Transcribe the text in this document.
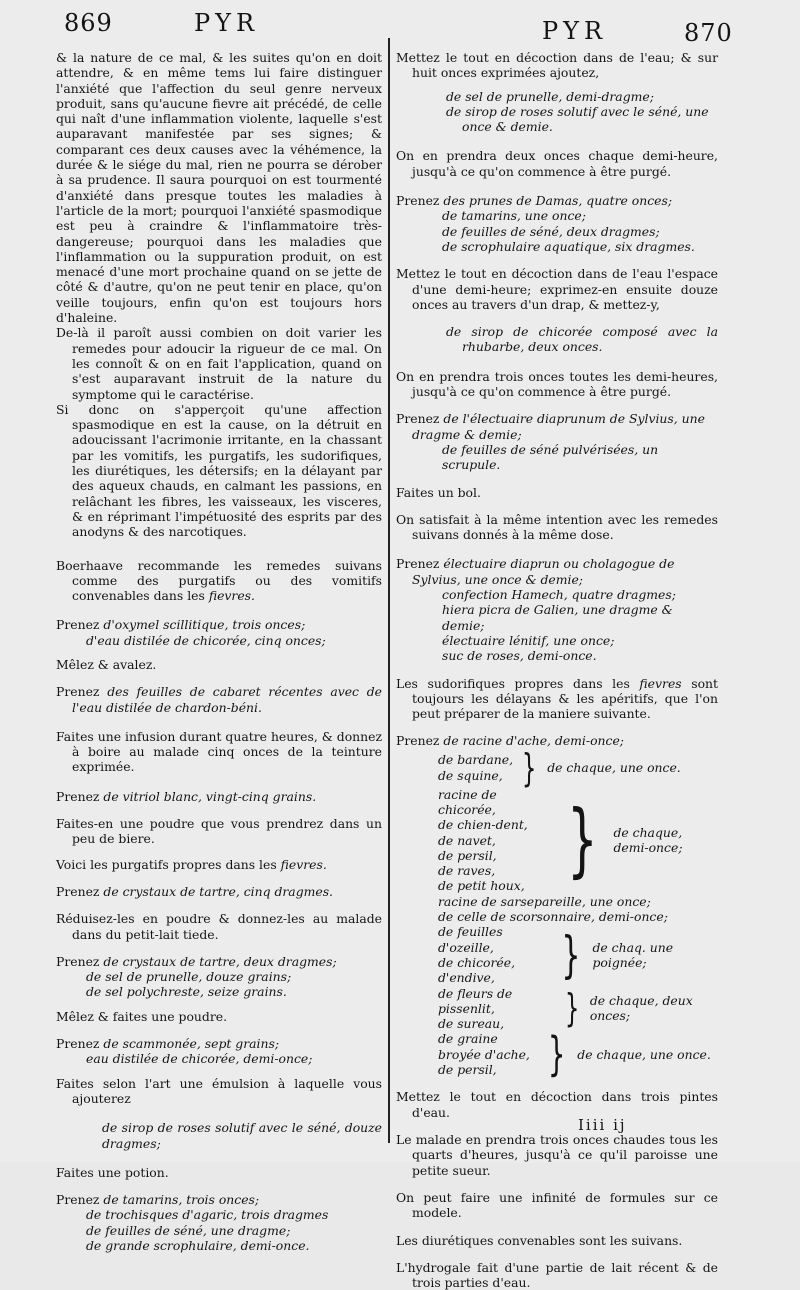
869	PYR	PYR	870

& la nature de ce mal, & les suites qu'on en doit attendre, & en même tems lui faire distinguer l'anxiété que l'affection du seul genre nerveux produit, sans qu'aucune fievre ait précédé, de celle qui naît d'une inflammation violente, laquelle s'est auparavant manifestée par ses signes; & comparant ces deux causes avec la véhémence, la durée & le siége du mal, rien ne pourra se dérober à sa prudence. Il saura pourquoi on est tourmenté d'anxiété dans presque toutes les maladies à l'article de la mort; pourquoi l'anxiété spasmodique est peu à craindre & l'inflammatoire très-dangereuse; pourquoi dans les maladies que l'inflammation ou la suppuration produit, on est menacé d'une mort prochaine quand on se jette de côté & d'autre, qu'on ne peut tenir en place, qu'on veille toujours, enfin qu'on est toujours hors d'haleine.

De-là il paroît aussi combien on doit varier les remedes pour adoucir la rigueur de ce mal. On les connoît & on en fait l'application, quand on s'est auparavant instruit de la nature du symptome qui le caractérise.

Si donc on s'apperçoit qu'une affection spasmodique en est la cause, on la détruit en adoucissant l'acrimonie irritante, en la chassant par les vomitifs, les purgatifs, les sudorifiques, les diurétiques, les détersifs; en la délayant par des aqueux chauds, en calmant les passions, en relâchant les fibres, les vaisseaux, les visceres, & en réprimant l'impétuosité des esprits par des anodyns & des narcotiques.

Boerhaave recommande les remedes suivans comme des purgatifs ou des vomitifs convenables dans les fievres.

Prenez d'oxymel scillitique, trois onces;
d'eau distilée de chicorée, cinq onces;

Mêlez & avalez.

Prenez des feuilles de cabaret récentes avec de l'eau distilée de chardon-béni.

Faites une infusion durant quatre heures, & donnez à boire au malade cinq onces de la teinture exprimée.

Prenez de vitriol blanc, vingt-cinq grains.

Faites-en une poudre que vous prendrez dans un peu de biere.

Voici les purgatifs propres dans les fievres.

Prenez de crystaux de tartre, cinq dragmes.

Réduisez-les en poudre & donnez-les au malade dans du petit-lait tiede.

Prenez de crystaux de tartre, deux dragmes;
de sel de prunelle, douze grains;
de sel polychreste, seize grains.

Mêlez & faites une poudre.

Prenez de scammonée, sept grains;
eau distilée de chicorée, demi-once;

Faites selon l'art une émulsion à laquelle vous ajouterez

de sirop de roses solutif avec le séné, douze dragmes;

Faites une potion.

Prenez de tamarins, trois onces;
de trochisques d'agaric, trois dragmes
de feuilles de séné, une dragme;
de grande scrophulaire, demi-once.

Mettez le tout en décoction dans de l'eau; & sur huit onces exprimées ajoutez,

de sel de prunelle, demi-dragme;
de sirop de roses solutif avec le séné, une once & demie.

On en prendra deux onces chaque demi-heure, jusqu'à ce qu'on commence à être purgé.

Prenez des prunes de Damas, quatre onces;
de tamarins, une once;
de feuilles de séné, deux dragmes;
de scrophulaire aquatique, six dragmes.

Mettez le tout en décoction dans de l'eau l'espace d'une demi-heure; exprimez-en ensuite douze onces au travers d'un drap, & mettez-y,

de sirop de chicorée composé avec la rhubarbe, deux onces.

On en prendra trois onces toutes les demi-heures, jusqu'à ce qu'on commence à être purgé.

Prenez de l'électuaire diaprunum de Sylvius, une dragme & demie;
de feuilles de séné pulvérisées, un scrupule.

Faites un bol.

On satisfait à la même intention avec les remedes suivans donnés à la même dose.

Prenez électuaire diaprun ou cholagogue de Sylvius, une once & demie;
confection Hamech, quatre dragmes;
hiera picra de Galien, une dragme & demie;
électuaire lénitif, une once;
suc de roses, demi-once.

Les sudorifiques propres dans les fievres sont toujours les délayans & les apéritifs, que l'on peut préparer de la maniere suivante.

Prenez de racine d'ache, demi-once;
de bardane,
de squine, } de chaque, une once.
racine de chicorée,
de chien-dent,
de navet,
de persil,
de raves,
de petit houx, } de chaque, demi-once;
racine de sarsepareille, une once;
de celle de scorsonnaire, demi-once;
de feuilles d'ozeille,
de chicorée,
d'endive,	} de chaq. une poignée;
de fleurs de pissenlit,
de sureau,	} de chaque, deux onces;
de graine broyée d'ache,
de persil,	} de chaque, une once.

Mettez le tout en décoction dans trois pintes d'eau.

Le malade en prendra trois onces chaudes tous les quarts d'heures, jusqu'à ce qu'il paroisse une petite sueur.

On peut faire une infinité de formules sur ce modele.

Les diurétiques convenables sont les suivans.

L'hydrogale fait d'une partie de lait récent & de trois parties d'eau.

Iiii ij
